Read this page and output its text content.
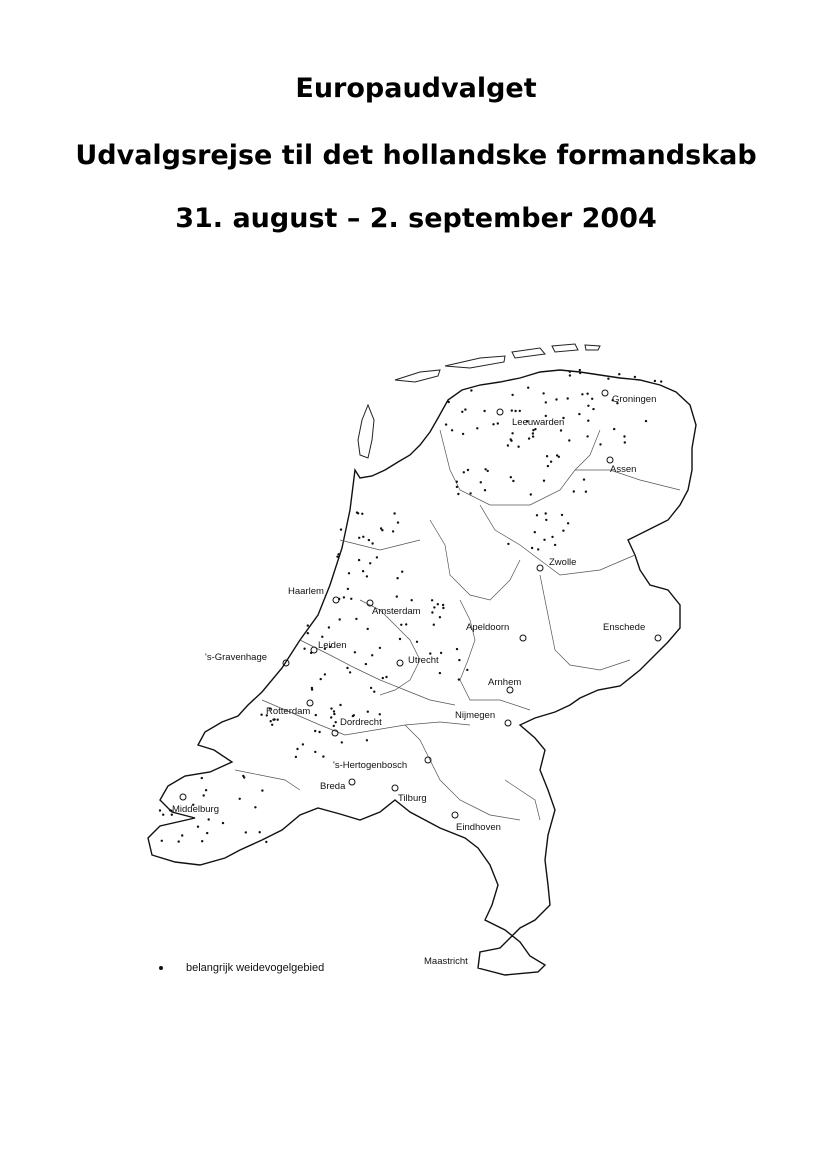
Europaudvalget
Udvalgsrejse til det hollandske formandskab
31. august – 2. september 2004
Groningen
Leeuwarden
Assen
Zwolle
Haarlem
Amsterdam
Apeldoorn	Enschede
Leiden
's-Gravenhage	Utrecht
Arnhem
Rotterdam	Nijmegen
Dordrecht
's-Hertogenbosch
Breda
Tilburg
Middelburg
Eindhoven
Maastricht
belangrijk weidevogelgebied
